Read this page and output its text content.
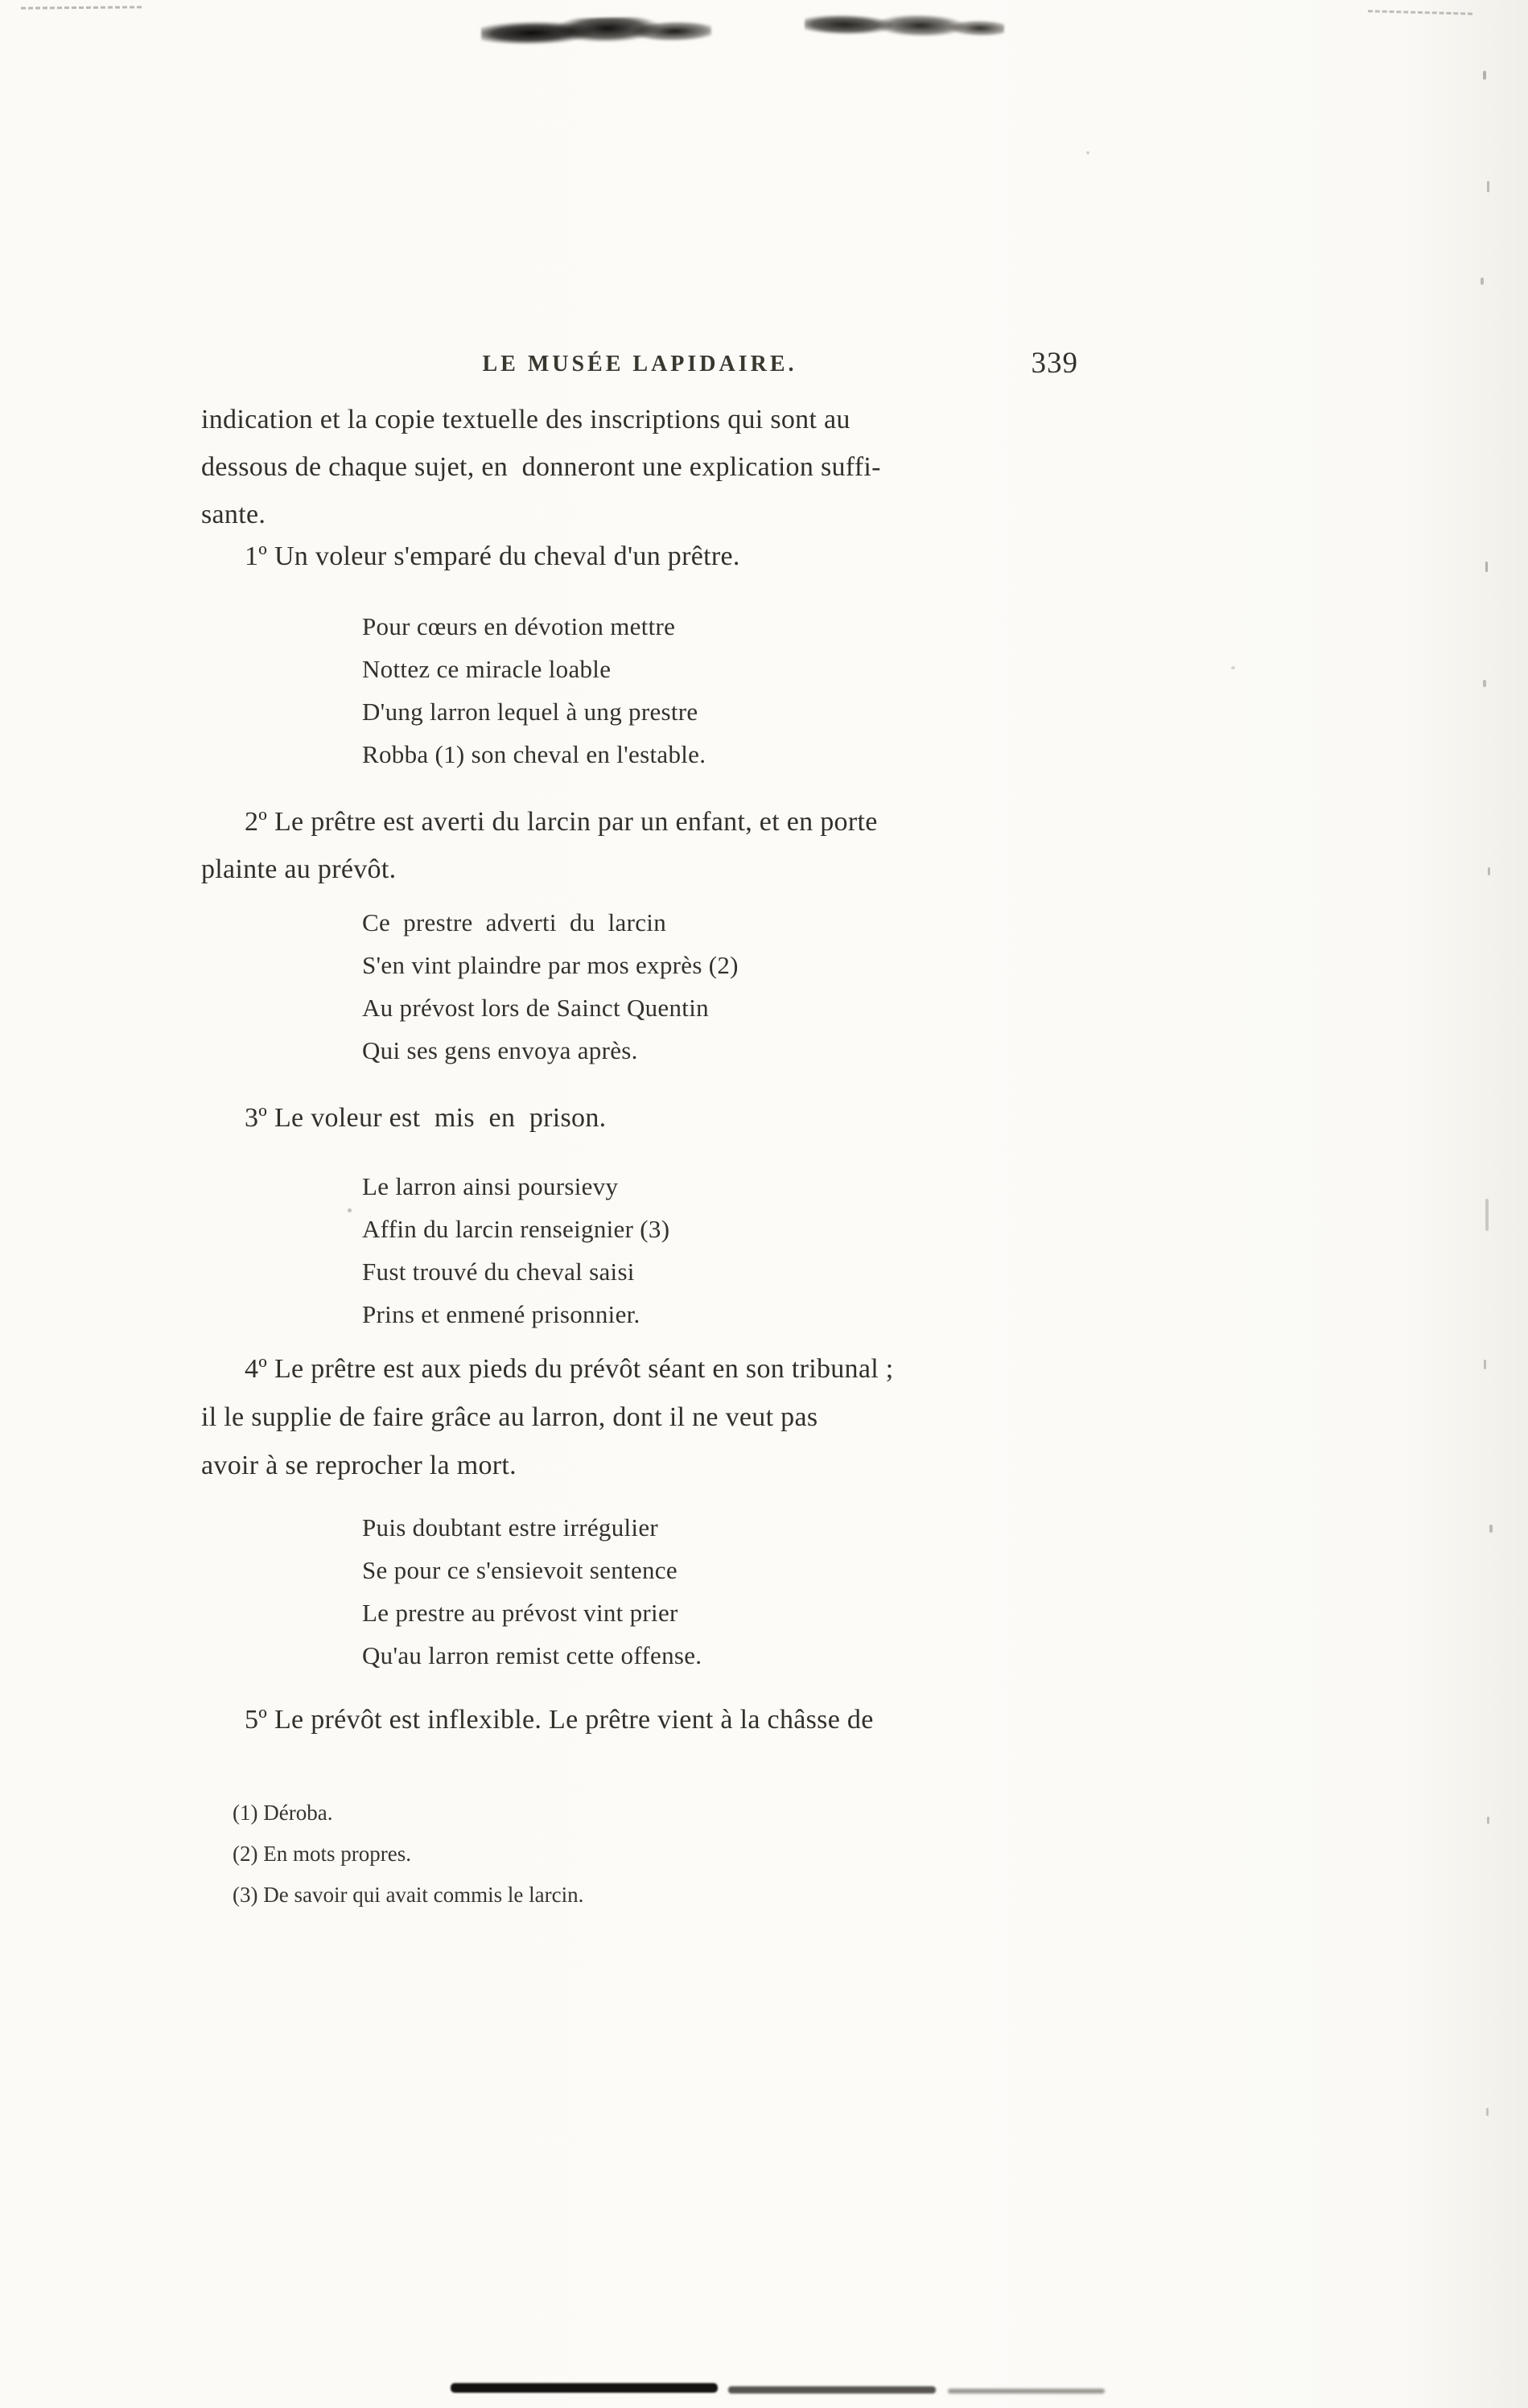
LE MUSÉE LAPIDAIRE.	339
indication et la copie textuelle des inscriptions qui sont au
dessous de chaque sujet, en  donneront une explication suffi-
sante.
1º Un voleur s'emparé du cheval d'un prêtre.
Pour cœurs en dévotion mettre
Nottez ce miracle loable
D'ung larron lequel à ung prestre
Robba (1) son cheval en l'estable.
2º Le prêtre est averti du larcin par un enfant, et en porte
plainte au prévôt.
Ce  prestre  adverti  du  larcin
S'en vint plaindre par mos exprès (2)
Au prévost lors de Sainct Quentin
Qui ses gens envoya après.
3º Le voleur est  mis  en  prison.
Le larron ainsi poursievy
Affin du larcin renseignier (3)
Fust trouvé du cheval saisi
Prins et enmené prisonnier.
4º Le prêtre est aux pieds du prévôt séant en son tribunal ;
il le supplie de faire grâce au larron, dont il ne veut pas
avoir à se reprocher la mort.
Puis doubtant estre irrégulier
Se pour ce s'ensievoit sentence
Le prestre au prévost vint prier
Qu'au larron remist cette offense.
5º Le prévôt est inflexible. Le prêtre vient à la châsse de
(1) Déroba.
(2) En mots propres.
(3) De savoir qui avait commis le larcin.
